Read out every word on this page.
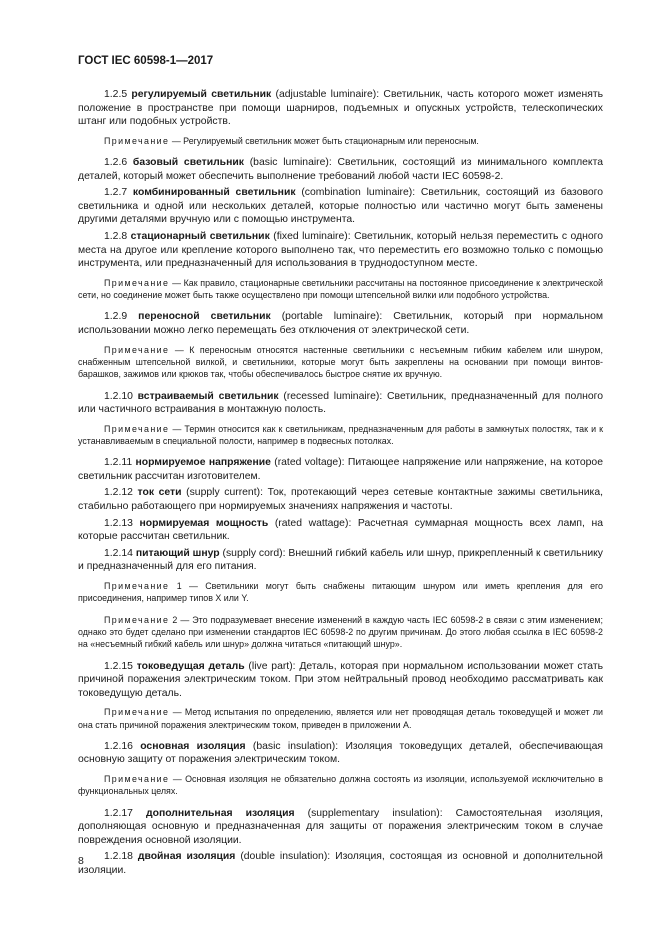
ГОСТ IEC 60598-1—2017

1.2.5 регулируемый светильник (adjustable luminaire): Светильник, часть которого может изменять положение в пространстве при помощи шарниров, подъемных и опускных устройств, телескопических штанг или подобных устройств.

Примечание — Регулируемый светильник может быть стационарным или переносным.

1.2.6 базовый светильник (basic luminaire): Светильник, состоящий из минимального комплекта деталей, который может обеспечить выполнение требований любой части IEC 60598-2.

1.2.7 комбинированный светильник (combination luminaire): Светильник, состоящий из базового светильника и одной или нескольких деталей, которые полностью или частично могут быть заменены другими деталями вручную или с помощью инструмента.

1.2.8 стационарный светильник (fixed luminaire): Светильник, который нельзя переместить с одного места на другое или крепление которого выполнено так, что переместить его возможно только с помощью инструмента, или предназначенный для использования в труднодоступном месте.

Примечание — Как правило, стационарные светильники рассчитаны на постоянное присоединение к электрической сети, но соединение может быть также осуществлено при помощи штепсельной вилки или подобного устройства.

1.2.9 переносной светильник (portable luminaire): Светильник, который при нормальном использовании можно легко перемещать без отключения от электрической сети.

Примечание — К переносным относятся настенные светильники с несъемным гибким кабелем или шнуром, снабженным штепсельной вилкой, и светильники, которые могут быть закреплены на основании при помощи винтов-барашков, зажимов или крюков так, чтобы обеспечивалось быстрое снятие их вручную.

1.2.10 встраиваемый светильник (recessed luminaire): Светильник, предназначенный для полного или частичного встраивания в монтажную полость.

Примечание — Термин относится как к светильникам, предназначенным для работы в замкнутых полостях, так и к устанавливаемым в специальной полости, например в подвесных потолках.

1.2.11 нормируемое напряжение (rated voltage): Питающее напряжение или напряжение, на которое светильник рассчитан изготовителем.

1.2.12 ток сети (supply current): Ток, протекающий через сетевые контактные зажимы светильника, стабильно работающего при нормируемых значениях напряжения и частоты.

1.2.13 нормируемая мощность (rated wattage): Расчетная суммарная мощность всех ламп, на которые рассчитан светильник.

1.2.14 питающий шнур (supply cord): Внешний гибкий кабель или шнур, прикрепленный к светильнику и предназначенный для его питания.

Примечание 1 — Светильники могут быть снабжены питающим шнуром или иметь крепления для его присоединения, например типов X или Y.

Примечание 2 — Это подразумевает внесение изменений в каждую часть IEC 60598-2 в связи с этим изменением; однако это будет сделано при изменении стандартов IEC 60598-2 по другим причинам. До этого любая ссылка в IEC 60598-2 на «несъемный гибкий кабель или шнур» должна читаться «питающий шнур».

1.2.15 токоведущая деталь (live part): Деталь, которая при нормальном использовании может стать причиной поражения электрическим током. При этом нейтральный провод необходимо рассматривать как токоведущую деталь.

Примечание — Метод испытания по определению, является или нет проводящая деталь токоведущей и может ли она стать причиной поражения электрическим током, приведен в приложении А.

1.2.16 основная изоляция (basic insulation): Изоляция токоведущих деталей, обеспечивающая основную защиту от поражения электрическим током.

Примечание — Основная изоляция не обязательно должна состоять из изоляции, используемой исключительно в функциональных целях.

1.2.17 дополнительная изоляция (supplementary insulation): Самостоятельная изоляция, дополняющая основную и предназначенная для защиты от поражения электрическим током в случае повреждения основной изоляции.

1.2.18 двойная изоляция (double insulation): Изоляция, состоящая из основной и дополнительной изоляции.

8
